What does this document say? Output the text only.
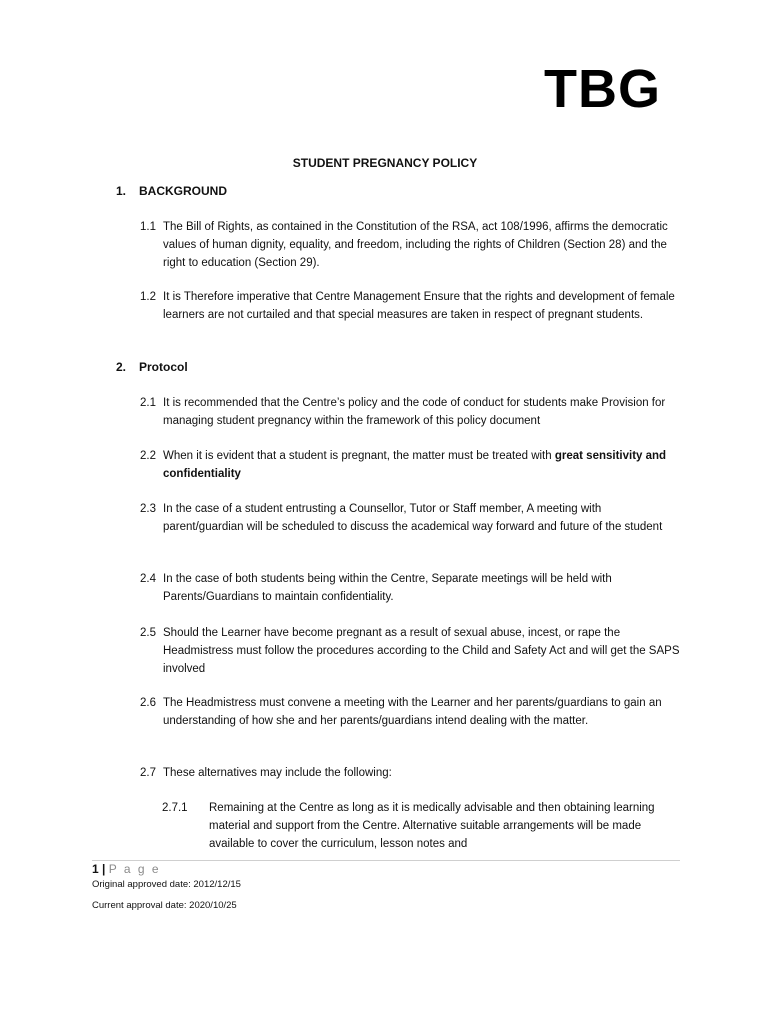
TBG
STUDENT PREGNANCY POLICY
1. BACKGROUND
1.1 The Bill of Rights, as contained in the Constitution of the RSA, act 108/1996, affirms the democratic values of human dignity, equality, and freedom, including the rights of Children (Section 28) and the right to education (Section 29).
1.2 It is Therefore imperative that Centre Management Ensure that the rights and development of female learners are not curtailed and that special measures are taken in respect of pregnant students.
2. Protocol
2.1 It is recommended that the Centre’s policy and the code of conduct for students make Provision for managing student pregnancy within the framework of this policy document
2.2 When it is evident that a student is pregnant, the matter must be treated with great sensitivity and confidentiality
2.3 In the case of a student entrusting a Counsellor, Tutor or Staff member, A meeting with parent/guardian will be scheduled to discuss the academical way forward and future of the student
2.4 In the case of both students being within the Centre, Separate meetings will be held with Parents/Guardians to maintain confidentiality.
2.5 Should the Learner have become pregnant as a result of sexual abuse, incest, or rape the Headmistress must follow the procedures according to the Child and Safety Act and will get the SAPS involved
2.6 The Headmistress must convene a meeting with the Learner and her parents/guardians to gain an understanding of how she and her parents/guardians intend dealing with the matter.
2.7 These alternatives may include the following:
2.7.1	Remaining at the Centre as long as it is medically advisable and then obtaining learning material and support from the Centre. Alternative suitable arrangements will be made available to cover the curriculum, lesson notes and
1 | P a g e
Original approved date: 2012/12/15
Current approval date: 2020/10/25
